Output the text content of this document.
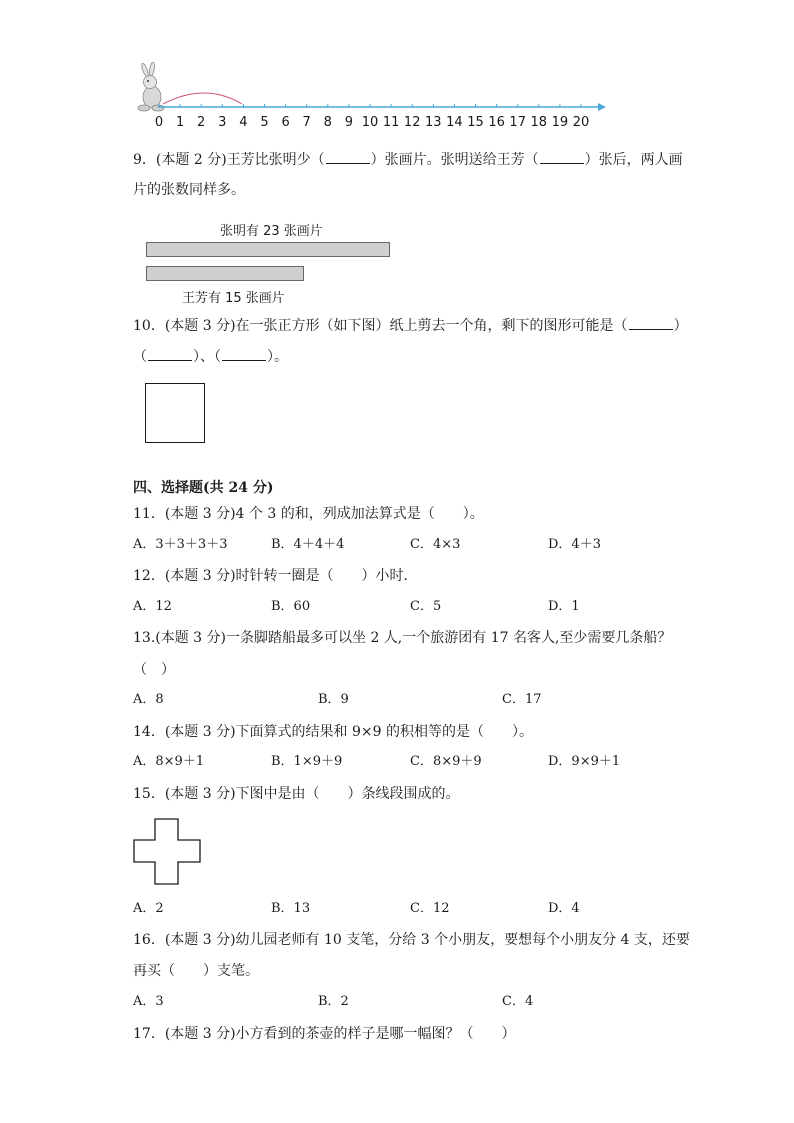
0 1 2 3 4 5 6 7 8 9 10 11 12 13 14 15 16 17 18 19 20
9．(本题 2 分)王芳比张明少（	）张画片。张明送给王芳（	）张后，两人画
片的张数同样多。
张明有 23 张画片
王芳有 15 张画片
10．(本题 3 分)在一张正方形（如下图）纸上剪去一个角，剩下的图形可能是（	）
（	）、（	）。
四、选择题(共 24 分)
11．(本题 3 分)4 个 3 的和，列成加法算式是（　　）。
A．3＋3＋3＋3	B．4＋4＋4	C．4×3	D．4＋3
12．(本题 3 分)时针转一圈是（　　）小时．
A．12	B．60	C．5	D．1
13.(本题 3 分)一条脚踏船最多可以坐 2 人,一个旅游团有 17 名客人,至少需要几条船？
（　）
A．8	B．9	C．17
14．(本题 3 分)下面算式的结果和 9×9 的积相等的是（　　）。
A．8×9＋1	B．1×9＋9	C．8×9＋9	D．9×9＋1
15．(本题 3 分)下图中是由（　　）条线段围成的。
A．2	B．13	C．12	D．4
16．(本题 3 分)幼儿园老师有 10 支笔，分给 3 个小朋友，要想每个小朋友分 4 支，还要
再买（　　）支笔。
A．3	B．2	C．4
17．(本题 3 分)小方看到的茶壶的样子是哪一幅图？（　　）
